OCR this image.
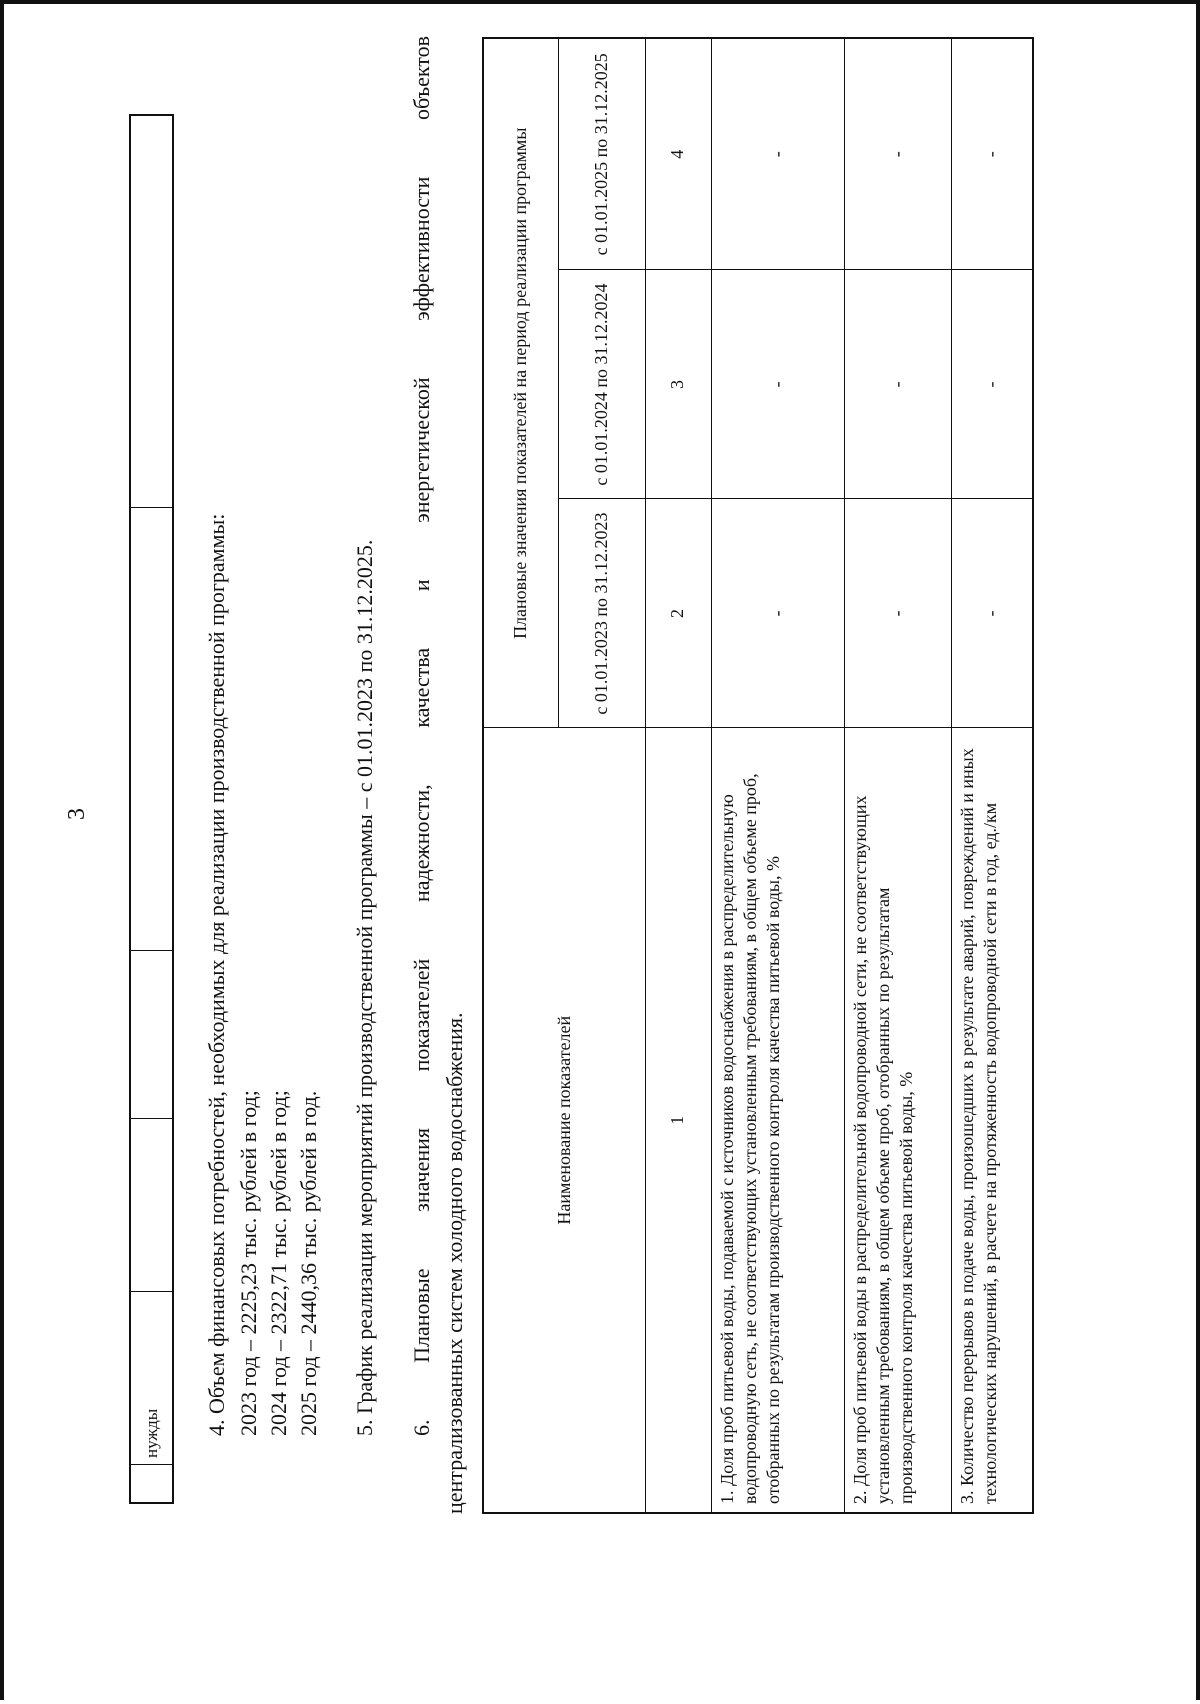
3
	нужды				4. Объем финансовых потребностей, необходимых для реализации производственной программы: 2023 год – 2225,23 тыс. рублей в год; 2024 год – 2322,71 тыс. рублей в год; 2025 год – 2440,36 тыс. рублей в год. 5. График реализации мероприятий производственной программы – с 01.01.2023 по 31.12.2025. 6.
Плановые
значения
показателей
надежности,
качества
и
энергетической
эффективности
объектов
централизованных систем холодного водоснабжения.	Наименование показателей	Плановые значения показателей на период реализации программы		
	с 01.01.2023 по 31.12.2023	с 01.01.2024 по 31.12.2024	с 01.01.2025 по 31.12.2025
1	2	3	4
1. Доля проб питьевой воды, подаваемой с источников водоснабжения в распределительную водопроводную сеть, не соответствующих установленным требованиям, в общем объеме проб, отобранных по результатам производственного контроля качества питьевой воды, %	-	-	-
2. Доля проб питьевой воды в распределительной водопроводной сети, не соответствующих установленным требованиям, в общем объеме проб, отобранных по результатам производственного контроля качества питьевой воды, %	-	-	-
3. Количество перерывов в подаче воды, произошедших в результате аварий, повреждений и иных технологических нарушений, в расчете на протяженность водопроводной сети в год, ед./км	-	-	-
